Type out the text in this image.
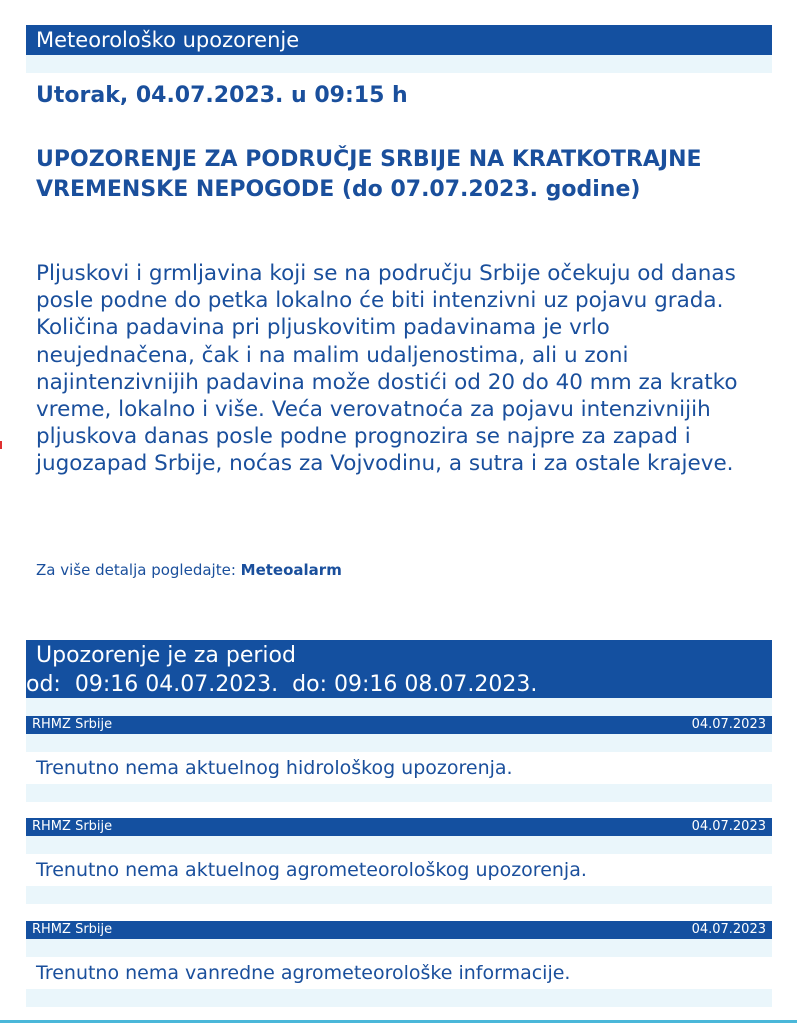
Meteorološko upozorenje
Utorak, 04.07.2023. u 09:15 h
UPOZORENJE ZA PODRUČJE SRBIJE NA KRATKOTRAJNE VREMENSKE NEPOGODE (do 07.07.2023. godine)
Pljuskovi i grmljavina koji se na području Srbije očekuju od danas posle podne do petka lokalno će biti intenzivni uz pojavu grada. Količina padavina pri pljuskovitim padavinama je vrlo neujednačena, čak i na malim udaljenostima, ali u zoni najintenzivnijih padavina može dostići od 20 do 40 mm za kratko vreme, lokalno i više. Veća verovatnoća za pojavu intenzivnijih pljuskova danas posle podne prognozira se najpre za zapad i jugozapad Srbije, noćas za Vojvodinu, a sutra i za ostale krajeve.
Za više detalja pogledajte: Meteoalarm
Upozorenje je za period
od:  09:16 04.07.2023.  do: 09:16 08.07.2023.
RHMZ Srbije	04.07.2023
Trenutno nema aktuelnog hidrološkog upozorenja.
RHMZ Srbije	04.07.2023
Trenutno nema aktuelnog agrometeorološkog upozorenja.
RHMZ Srbije	04.07.2023
Trenutno nema vanredne agrometeorološke informacije.
